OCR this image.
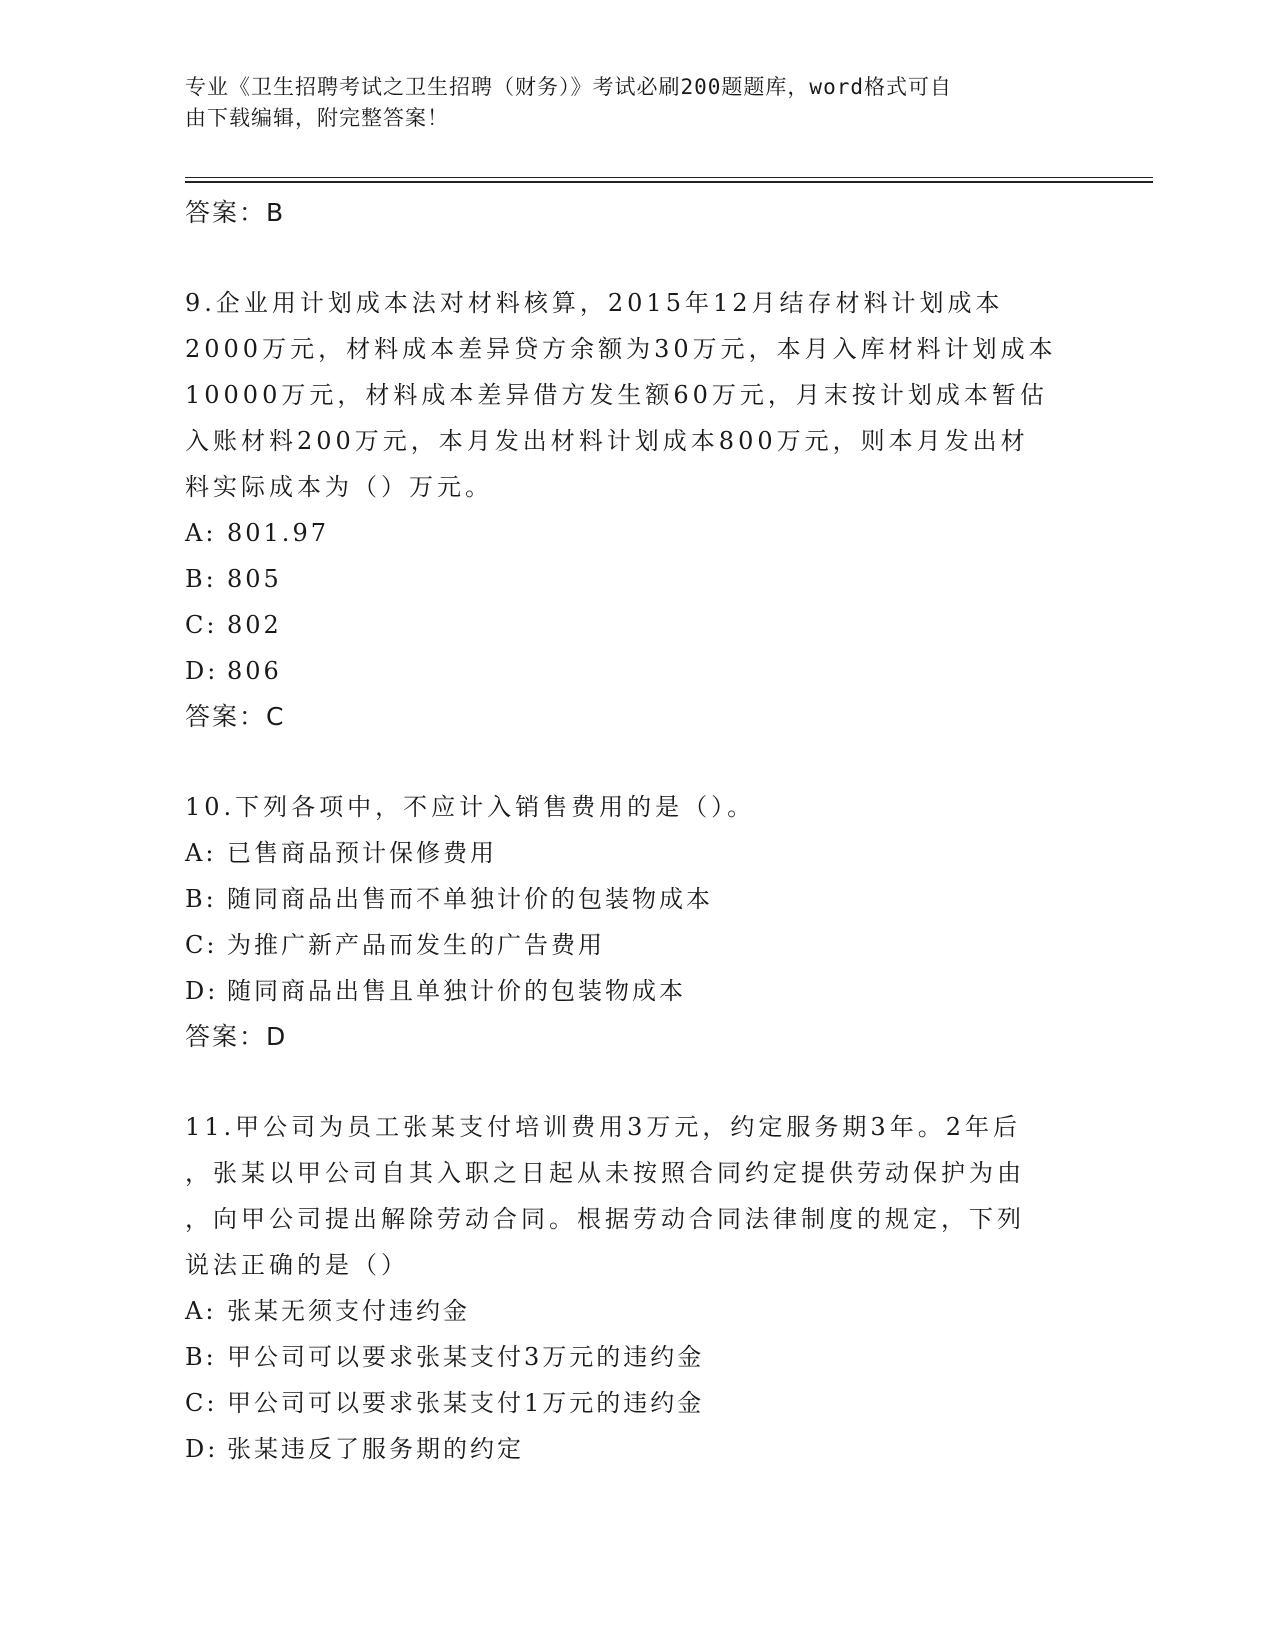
专业《卫生招聘考试之卫生招聘（财务）》考试必刷200题题库，word格式可自
由下载编辑，附完整答案！
答案：B
9.企业用计划成本法对材料核算，2015年12月结存材料计划成本
2000万元，材料成本差异贷方余额为30万元，本月入库材料计划成本
10000万元，材料成本差异借方发生额60万元，月末按计划成本暂估
入账材料200万元，本月发出材料计划成本800万元，则本月发出材
料实际成本为（）万元。
A: 801.97
B: 805
C: 802
D: 806
答案：C
10.下列各项中，不应计入销售费用的是（）。
A: 已售商品预计保修费用
B: 随同商品出售而不单独计价的包装物成本
C: 为推广新产品而发生的广告费用
D: 随同商品出售且单独计价的包装物成本
答案：D
11.甲公司为员工张某支付培训费用3万元，约定服务期3年。2年后
，张某以甲公司自其入职之日起从未按照合同约定提供劳动保护为由
，向甲公司提出解除劳动合同。根据劳动合同法律制度的规定，下列
说法正确的是（）
A: 张某无须支付违约金
B: 甲公司可以要求张某支付3万元的违约金
C: 甲公司可以要求张某支付1万元的违约金
D: 张某违反了服务期的约定
